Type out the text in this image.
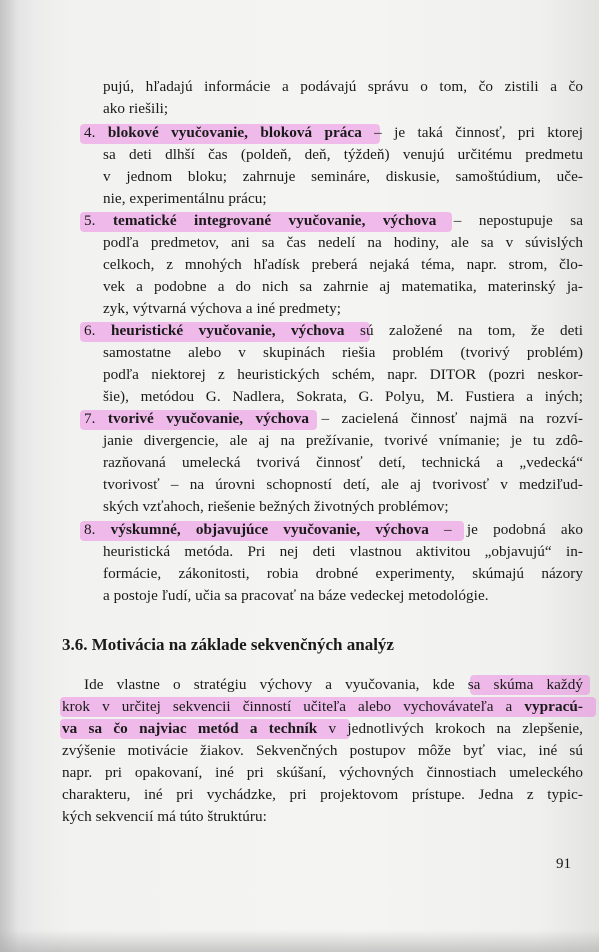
pujú, hľadajú informácie a podávajú správu o tom, čo zistili a čo
ako riešili;
4. blokové vyučovanie, bloková práca – je taká činnosť, pri ktorej
sa deti dlhší čas (poldeň, deň, týždeň) venujú určitému predmetu
v jednom bloku; zahrnuje semináre, diskusie, samoštúdium, uče-
nie, experimentálnu prácu;
5. tematické integrované vyučovanie, výchova – nepostupuje sa
podľa predmetov, ani sa čas nedelí na hodiny, ale sa v súvislých
celkoch, z mnohých hľadísk preberá nejaká téma, napr. strom, člo-
vek a podobne a do nich sa zahrnie aj matematika, materinský ja-
zyk, výtvarná výchova a iné predmety;
6. heuristické vyučovanie, výchova sú založené na tom, že deti
samostatne alebo v skupinách riešia problém (tvorivý problém)
podľa niektorej z heuristických schém, napr. DITOR (pozri neskor-
šie), metódou G. Nadlera, Sokrata, G. Polyu, M. Fustiera a iných;
7. tvorivé vyučovanie, výchova – zacielená činnosť najmä na rozví-
janie divergencie, ale aj na prežívanie, tvorivé vnímanie; je tu zdô-
razňovaná umelecká tvorivá činnosť detí, technická a „vedecká“
tvorivosť – na úrovni schopností detí, ale aj tvorivosť v medziľud-
ských vzťahoch, riešenie bežných životných problémov;
8. výskumné, objavujúce vyučovanie, výchova – je podobná ako
heuristická metóda. Pri nej deti vlastnou aktivitou „objavujú“ in-
formácie, zákonitosti, robia drobné experimenty, skúmajú názory
a postoje ľudí, učia sa pracovať na báze vedeckej metodológie.
3.6. Motivácia na základe sekvenčných analýz
Ide vlastne o stratégiu výchovy a vyučovania, kde sa skúma každý
krok v určitej sekvencii činností učiteľa alebo vychovávateľa a vypracú-
va sa čo najviac metód a techník v jednotlivých krokoch na zlepšenie,
zvýšenie motivácie žiakov. Sekvenčných postupov môže byť viac, iné sú
napr. pri opakovaní, iné pri skúšaní, výchovných činnostiach umeleckého
charakteru, iné pri vychádzke, pri projektovom prístupe. Jedna z typic-
kých sekvencií má túto štruktúru:
91
